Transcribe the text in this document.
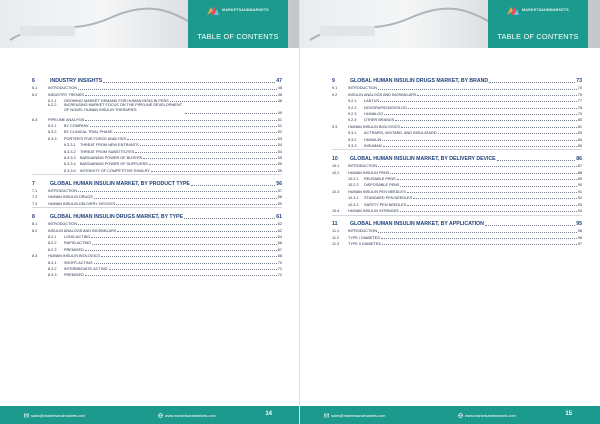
MARKETSANDMARKETS
TABLE OF CONTENTS
6	INDUSTRY INSIGHTS	47
6.1	INTRODUCTION	48
6.2	INDUSTRY TRENDS	48
6.2.1	GROWING MARKET DEMAND FOR HUMAN INSULIN PENS	48
6.2.2	INCREASING MARKET FOCUS ON THE PIPELINE DEVELOPMENT OF NOVEL HUMAN INSULIN THERAPIES
49
6.3	PIPELINE ANALYSIS	51
6.3.1	BY COMPANY	51
6.3.2	BY CLINICAL TRIAL PHASE	52
6.3.3	PORTER'S FIVE FORCE ANALYSIS	53
6.3.3.1	THREAT FROM NEW ENTRANTS	54
6.3.3.2	THREAT FROM SUBSTITUTES	54
6.3.3.3	BARGAINING POWER OF BUYERS	55
6.3.3.4	BARGAINING POWER OF SUPPLIERS	55
6.3.3.5	INTENSITY OF COMPETITIVE RIVALRY	55
7	GLOBAL HUMAN INSULIN MARKET, BY PRODUCT TYPE	56
7.1	INTRODUCTION	57
7.2	HUMAN INSULIN DRUGS	58
7.3	HUMAN INSULIN DELIVERY DEVICES	59
8	GLOBAL HUMAN INSULIN DRUGS MARKET, BY TYPE	61
8.1	INTRODUCTION	62
8.2	INSULIN ANALOGS AND BIOSIMILARS	62
8.2.1	LONG-ACTING	64
8.2.2	RAPID-ACTING	66
8.2.3	PREMIXED	67
8.3	HUMAN INSULIN BIOLOGICS	68
8.3.1	SHORT-ACTING	70
8.3.2	INTERMEDIATE-ACTING	71
8.3.3	PREMIXED	72
sales@marketsandmarkets.com	www.marketsandmarkets.com	14
MARKETSANDMARKETS
TABLE OF CONTENTS
9	GLOBAL HUMAN INSULIN DRUGS MARKET, BY BRAND	73
9.1	INTRODUCTION	74
9.2	INSULIN ANALOGS AND BIOSIMILARS	75
9.2.1	LANTUS	77
9.2.2	NOVORAPID/NOVOLOG	78
9.2.3	HUMALOG	79
9.2.4	OTHER BRANDS	80
9.3	HUMAN INSULIN BIOLOGICS	81
9.3.1	ACTRAPID, MIXTARD, AND INSULATARD	83
9.3.2	HUMULIN	84
9.3.3	INSUMAN	85
10	GLOBAL HUMAN INSULIN MARKET, BY DELIVERY DEVICE	86
10.1	INTRODUCTION	87
10.2	HUMAN INSULIN PENS	88
10.2.1	REUSABLE PENS	89
10.2.2	DISPOSABLE PENS	90
10.3	HUMAN INSULIN PEN NEEDLES	91
10.3.1	STANDARD PEN NEEDLES	92
10.3.2	SAFETY PEN NEEDLES	93
10.4	HUMAN INSULIN SYRINGES	94
11	GLOBAL HUMAN INSULIN MARKET, BY APPLICATION	95
11.1	INTRODUCTION	96
11.2	TYPE I DIABETES	96
11.3	TYPE II DIABETES	97
sales@marketsandmarkets.com	www.marketsandmarkets.com	15
